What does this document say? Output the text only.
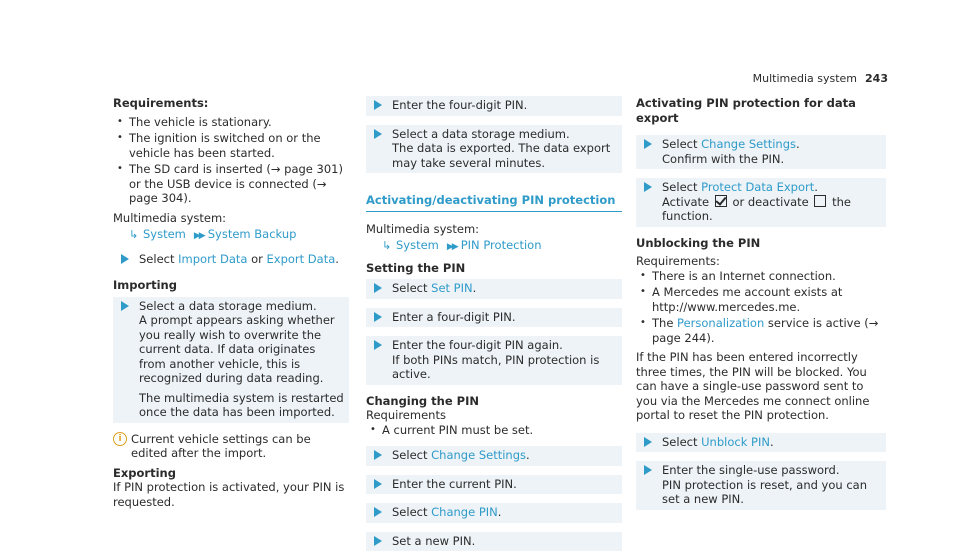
Multimedia system 243
Requirements:
• The vehicle is stationary.
• The ignition is switched on or the vehicle has been started.
• The SD card is inserted (→ page 301) or the USB device is connected (→ page 304).
Multimedia system:
↳ System ▶▶ System Backup
Select Import Data or Export Data.
Importing
Select a data storage medium.
A prompt appears asking whether you really wish to overwrite the current data. If data originates from another vehicle, this is recognized during data reading.
The multimedia system is restarted once the data has been imported.
i Current vehicle settings can be edited after the import.
Exporting
If PIN protection is activated, your PIN is requested.
Enter the four-digit PIN.
Select a data storage medium.
The data is exported. The data export may take several minutes.
Activating/deactivating PIN protection
Multimedia system:
↳ System ▶▶ PIN Protection
Setting the PIN
Select Set PIN.
Enter a four-digit PIN.
Enter the four-digit PIN again.
If both PINs match, PIN protection is active.
Changing the PIN
Requirements
• A current PIN must be set.
Select Change Settings.
Enter the current PIN.
Select Change PIN.
Set a new PIN.
Activating PIN protection for data export
Select Change Settings.
Confirm with the PIN.
Select Protect Data Export.
Activate  or deactivate  the function.
Unblocking the PIN
Requirements:
• There is an Internet connection.
• A Mercedes me account exists at http://www.mercedes.me.
• The Personalization service is active (→ page 244).
If the PIN has been entered incorrectly three times, the PIN will be blocked. You can have a single-use password sent to you via the Mercedes me connect online portal to reset the PIN protection.
Select Unblock PIN.
Enter the single-use password.
PIN protection is reset, and you can set a new PIN.
